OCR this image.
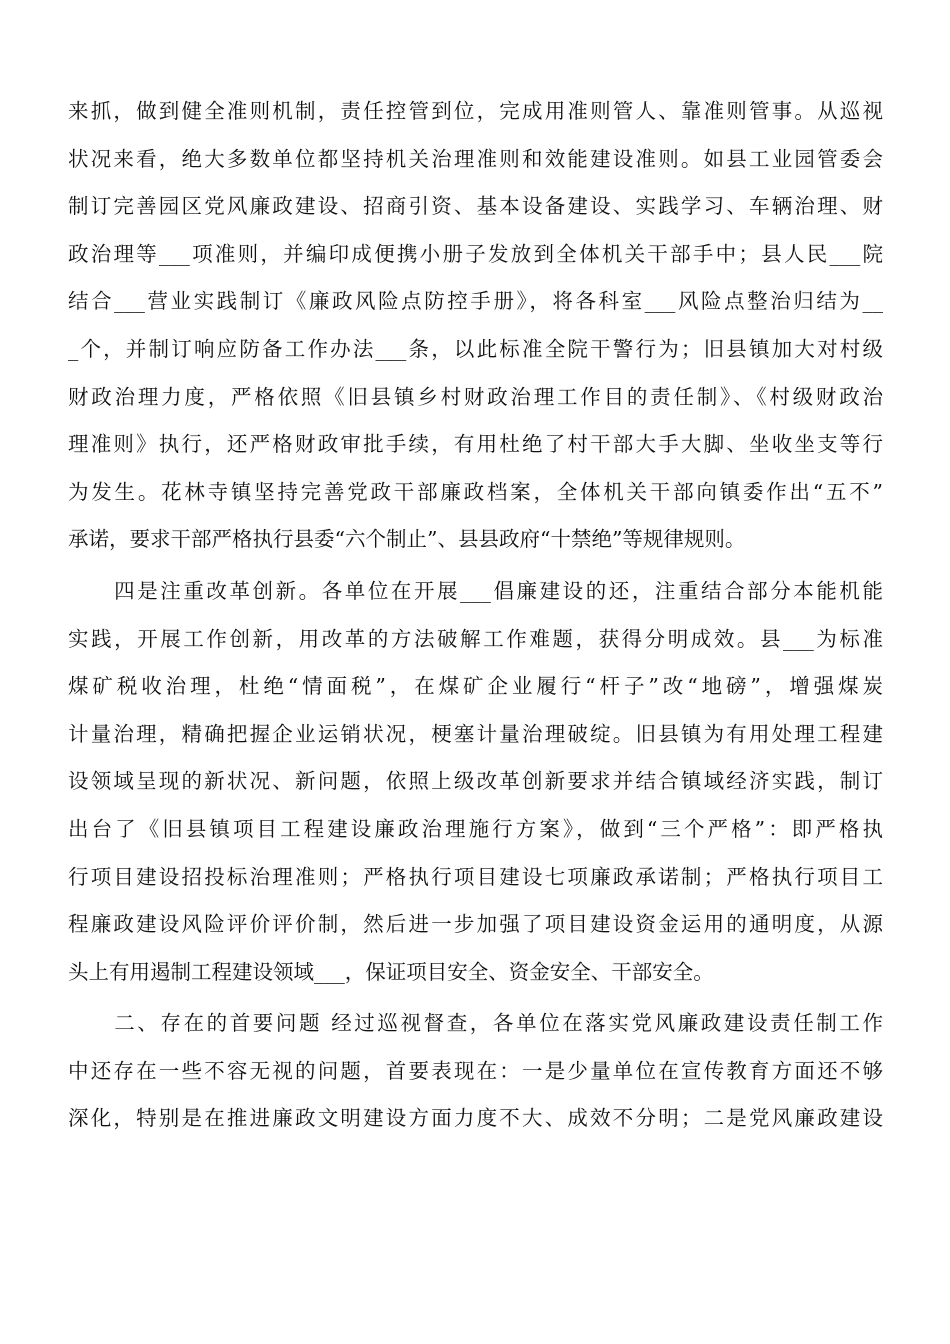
来抓，做到健全准则机制，责任控管到位，完成用准则管人、靠准则管事。从巡视
状况来看，绝大多数单位都坚持机关治理准则和效能建设准则。如县工业园管委会
制订完善园区党风廉政建设、招商引资、基本设备建设、实践学习、车辆治理、财
政治理等___项准则，并编印成便携小册子发放到全体机关干部手中；县人民___院
结合___营业实践制订《廉政风险点防控手册》，将各科室___风险点整治归结为__
_个，并制订响应防备工作办法___条，以此标准全院干警行为；旧县镇加大对村级
财政治理力度，严格依照《旧县镇乡村财政治理工作目的责任制》、《村级财政治
理准则》执行，还严格财政审批手续，有用杜绝了村干部大手大脚、坐收坐支等行
为发生。花林寺镇坚持完善党政干部廉政档案，全体机关干部向镇委作出“五不”
承诺，要求干部严格执行县委“六个制止”、县县政府“十禁绝”等规律规则。
　　四是注重改革创新。各单位在开展___倡廉建设的还，注重结合部分本能机能
实践，开展工作创新，用改革的方法破解工作难题，获得分明成效。县___为标准
煤矿税收治理，杜绝“情面税”，在煤矿企业履行“杆子”改“地磅”，增强煤炭
计量治理，精确把握企业运销状况，梗塞计量治理破绽。旧县镇为有用处理工程建
设领域呈现的新状况、新问题，依照上级改革创新要求并结合镇域经济实践，制订
出台了《旧县镇项目工程建设廉政治理施行方案》，做到“三个严格”：即严格执
行项目建设招投标治理准则；严格执行项目建设七项廉政承诺制；严格执行项目工
程廉政建设风险评价评价制，然后进一步加强了项目建设资金运用的通明度，从源
头上有用遏制工程建设领域___，保证项目安全、资金安全、干部安全。
　　二、存在的首要问题 经过巡视督查，各单位在落实党风廉政建设责任制工作
中还存在一些不容无视的问题，首要表现在：一是少量单位在宣传教育方面还不够
深化，特别是在推进廉政文明建设方面力度不大、成效不分明；二是党风廉政建设
